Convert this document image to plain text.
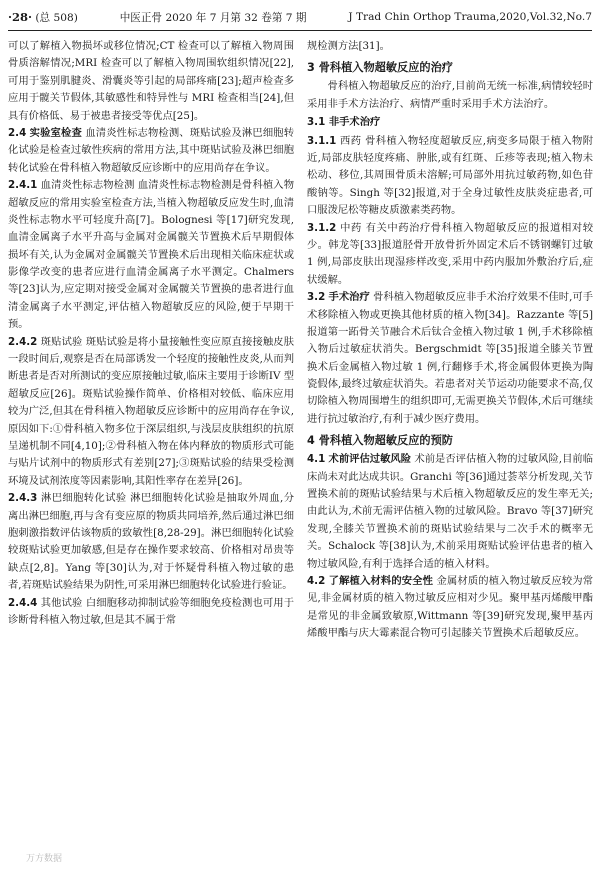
·28· (总 508)	中医正骨 2020 年 7 月第 32 卷第 7 期	J Trad Chin Orthop Trauma,2020,Vol.32,No.7

可以了解植入物损坏或移位情况;CT 检查可以了解植入物周围骨质溶解情况;MRI 检查可以了解植入物周围软组织情况[22],可用于鉴别肌腱炎、滑囊炎等引起的局部疼痛[23];超声检查多应用于髋关节假体,其敏感性和特异性与 MRI 检查相当[24],但具有价格低、易于被患者接受等优点[25]。

2.4 实验室检查 血清炎性标志物检测、斑贴试验及淋巴细胞转化试验是检查过敏性疾病的常用方法,其中斑贴试验及淋巴细胞转化试验在骨科植入物超敏反应诊断中的应用尚存在争议。

2.4.1 血清炎性标志物检测 血清炎性标志物检测是骨科植入物超敏反应的常用实验室检查方法,当植入物超敏反应发生时,血清炎性标志物水平可轻度升高[7]。Bolognesi 等[17]研究发现,血清金属离子水平升高与金属对金属髋关节置换术后早期假体损坏有关,认为金属对金属髋关节置换术后出现相关临床症状或影像学改变的患者应进行血清金属离子水平测定。Chalmers 等[23]认为,应定期对接受金属对金属髋关节置换的患者进行血清金属离子水平测定,评估植入物超敏反应的风险,便于早期干预。

2.4.2 斑贴试验 斑贴试验是将小量接触性变应原直接接触皮肤一段时间后,观察是否在局部诱发一个轻度的接触性皮炎,从而判断患者是否对所测试的变应原接触过敏,临床主要用于诊断IV 型超敏反应[26]。斑贴试验操作简单、价格相对较低、临床应用较为广泛,但其在骨科植入物超敏反应诊断中的应用尚存在争议,原因如下:①骨科植入物多位于深层组织,与浅层皮肤组织的抗原呈递机制不同[4,10];②骨科植入物在体内释放的物质形式可能与贴片试剂中的物质形式有差别[27];③斑贴试验的结果受检测环境及试剂浓度等因素影响,其阳性率存在差异[26]。

2.4.3 淋巴细胞转化试验 淋巴细胞转化试验是抽取外周血,分离出淋巴细胞,再与含有变应原的物质共同培养,然后通过淋巴细胞刺激指数评估该物质的致敏性[8,28-29]。淋巴细胞转化试验较斑贴试验更加敏感,但是存在操作要求较高、价格相对昂贵等缺点[2,8]。Yang 等[30]认为,对于怀疑骨科植入物过敏的患者,若斑贴试验结果为阴性,可采用淋巴细胞转化试验进行验证。

2.4.4 其他试验 白细胞移动抑制试验等细胞免疫检测也可用于诊断骨科植入物过敏,但是其不属于常

规检测方法[31]。

3 骨科植入物超敏反应的治疗

骨科植入物超敏反应的治疗,目前尚无统一标准,病情较轻时采用非手术方法治疗、病情严重时采用手术方法治疗。

3.1 非手术治疗

3.1.1 西药 骨科植入物轻度超敏反应,病变多局限于植入物附近,局部皮肤轻度疼痛、肿胀,或有红斑、丘疹等表现;植入物未松动、移位,其周围骨质未溶解;可局部外用抗过敏药物,如色苷酸钠等。Singh 等[32]报道,对于全身过敏性皮肤炎症患者,可口服泼尼松等糖皮质激素类药物。

3.1.2 中药 有关中药治疗骨科植入物超敏反应的报道相对较少。韩龙等[33]报道胫骨开放骨折外固定术后不锈钢螺钉过敏 1 例,局部皮肤出现湿疹样改变,采用中药内服加外敷治疗后,症状缓解。

3.2 手术治疗 骨科植入物超敏反应非手术治疗效果不佳时,可手术移除植入物或更换其他材质的植入物[34]。Razzante 等[5]报道第一跖骨关节融合术后钛合金植入物过敏 1 例,手术移除植入物后过敏症状消失。Bergschmidt 等[35]报道全膝关节置换术后金属植入物过敏 1 例,行翻修手术,将金属假体更换为陶瓷假体,最终过敏症状消失。若患者对关节运动功能要求不高,仅切除植入物周围增生的组织即可,无需更换关节假体,术后可继续进行抗过敏治疗,有利于减少医疗费用。

4 骨科植入物超敏反应的预防

4.1 术前评估过敏风险 术前是否评估植入物的过敏风险,目前临床尚未对此达成共识。Granchi 等[36]通过荟萃分析发现,关节置换术前的斑贴试验结果与术后植入物超敏反应的发生率无关;由此认为,术前无需评估植入物的过敏风险。Bravo 等[37]研究发现,全膝关节置换术前的斑贴试验结果与二次手术的概率无关。Schalock 等[38]认为,术前采用斑贴试验评估患者的植入物过敏风险,有利于选择合适的植入材料。

4.2 了解植入材料的安全性 金属材质的植入物过敏反应较为常见,非金属材质的植入物过敏反应相对少见。聚甲基丙烯酸甲酯是常见的非金属致敏原,Wittmann 等[39]研究发现,聚甲基丙烯酸甲酯与庆大霉素混合物可引起膝关节置换术后超敏反应。

万方数据
